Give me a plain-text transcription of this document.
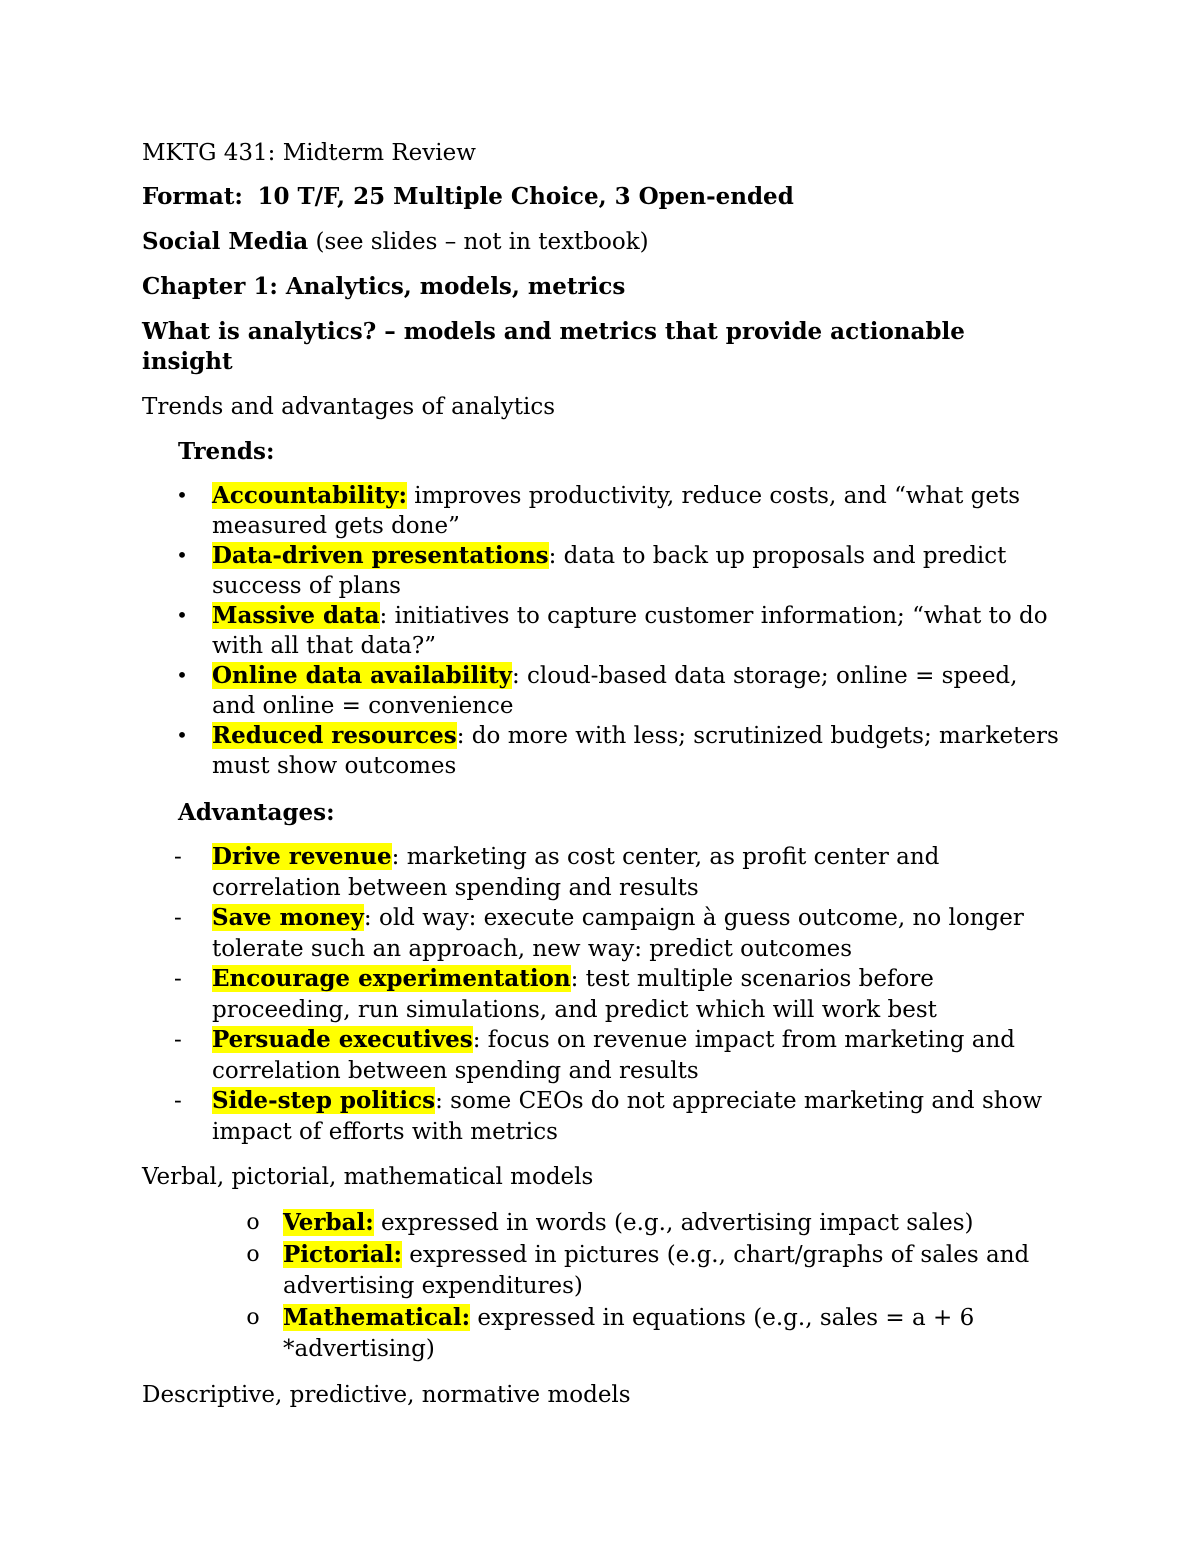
MKTG 431: Midterm Review

Format: 10 T/F, 25 Multiple Choice, 3 Open-ended

Social Media (see slides – not in textbook)

Chapter 1: Analytics, models, metrics

What is analytics? – models and metrics that provide actionable insight

Trends and advantages of analytics

Trends:

• Accountability: improves productivity, reduce costs, and “what gets measured gets done”
• Data-driven presentations: data to back up proposals and predict success of plans
• Massive data: initiatives to capture customer information; “what to do with all that data?”
• Online data availability: cloud-based data storage; online = speed, and online = convenience
• Reduced resources: do more with less; scrutinized budgets; marketers must show outcomes

Advantages:

-	Drive revenue: marketing as cost center, as profit center and correlation between spending and results
-	Save money: old way: execute campaign à guess outcome, no longer tolerate such an approach, new way: predict outcomes
-	Encourage experimentation: test multiple scenarios before proceeding, run simulations, and predict which will work best
-	Persuade executives: focus on revenue impact from marketing and correlation between spending and results
-	Side-step politics: some CEOs do not appreciate marketing and show impact of efforts with metrics

Verbal, pictorial, mathematical models

o Verbal: expressed in words (e.g., advertising impact sales)
o Pictorial: expressed in pictures (e.g., chart/graphs of sales and advertising expenditures)
o Mathematical: expressed in equations (e.g., sales = a + 6 *advertising)

Descriptive, predictive, normative models
